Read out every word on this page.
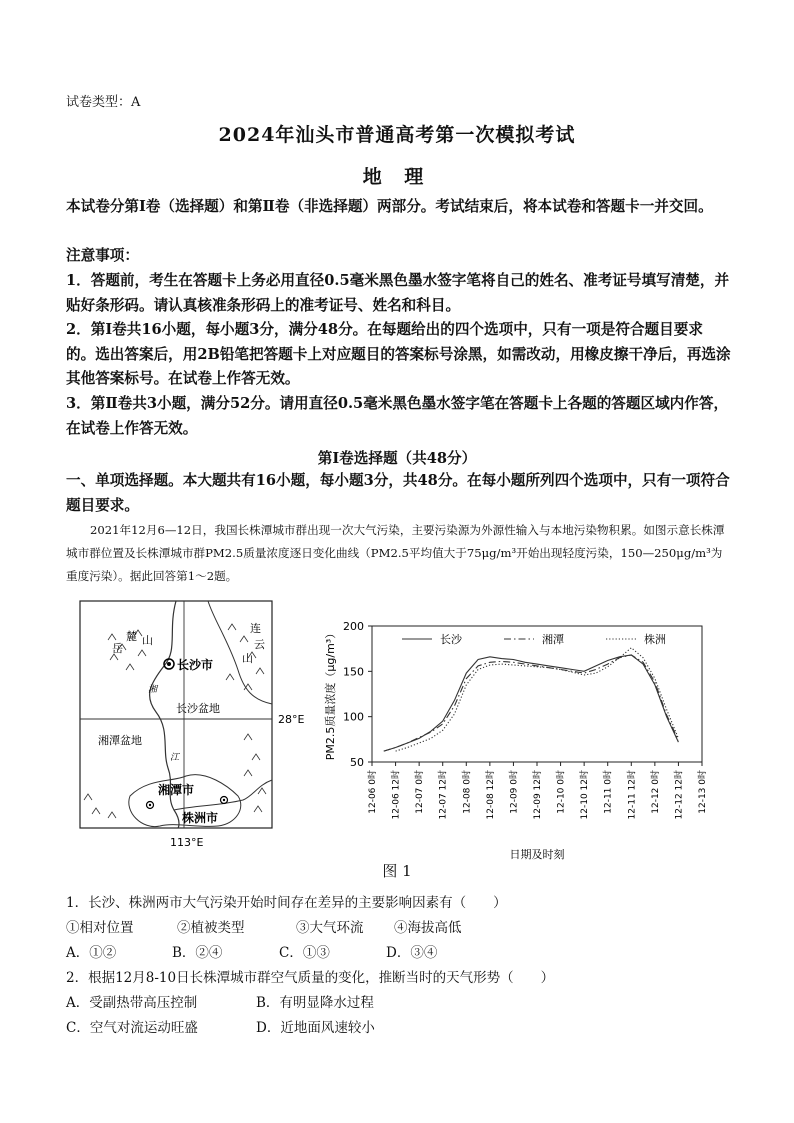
试卷类型：A
2024年汕头市普通高考第一次模拟考试
地 理

本试卷分第Ⅰ卷（选择题）和第Ⅱ卷（非选择题）两部分。考试结束后，将本试卷和答题卡一并交回。

注意事项：

1．答题前，考生在答题卡上务必用直径0.5毫米黑色墨水签字笔将自己的姓名、准考证号填写清楚，并贴好条形码。请认真核准条形码上的准考证号、姓名和科目。

2．第Ⅰ卷共16小题，每小题3分，满分48分。在每题给出的四个选项中，只有一项是符合题目要求的。选出答案后，用2B铅笔把答题卡上对应题目的答案标号涂黑，如需改动，用橡皮擦干净后，再选涂其他答案标号。在试卷上作答无效。

3．第Ⅱ卷共3小题，满分52分。请用直径0.5毫米黑色墨水签字笔在答题卡上各题的答题区域内作答，在试卷上作答无效。

第Ⅰ卷选择题（共48分）

一、单项选择题。本大题共有16小题，每小题3分，共48分。在每小题所列四个选项中，只有一项符合题目要求。

2021年12月6—12日，我国长株潭城市群出现一次大气污染，主要污染源为外源性输入与本地污染物积累。如图示意长株潭城市群位置及长株潭城市群PM2.5质量浓度逐日变化曲线（PM2.5平均值大于75μg/m³开始出现轻度污染，150—250μg/m³为重度污染）。据此回答第1～2题。

岳
麓 山
连
云
山
长沙市
湘潭市
株洲市
长沙盆地
湘潭盆地
湘
江
28°E
113°E
50
100
150
200
12-06 0时 12-06 12时 12-07 0时 12-07 12时 12-08 0时 12-08 12时 12-09 0时 12-09 12时 12-10 0时 12-10 12时 12-11 0时 12-11 12时 12-12 0时 12-12 12时 12-13 0时
PM2.5质量浓度（μg/m³）
日期及时刻
长沙	湘潭	株洲
图 1
1．长沙、株洲两市大气污染开始时间存在差异的主要影响因素有（　　）
①相对位置	②植被类型	③大气环流 ④海拔高低
A．①②	B．②④	C．①③	D．③④
2．根据12月8-10日长株潭城市群空气质量的变化，推断当时的天气形势（　　）
A．受副热带高压控制	B．有明显降水过程
C．空气对流运动旺盛	D．近地面风速较小
